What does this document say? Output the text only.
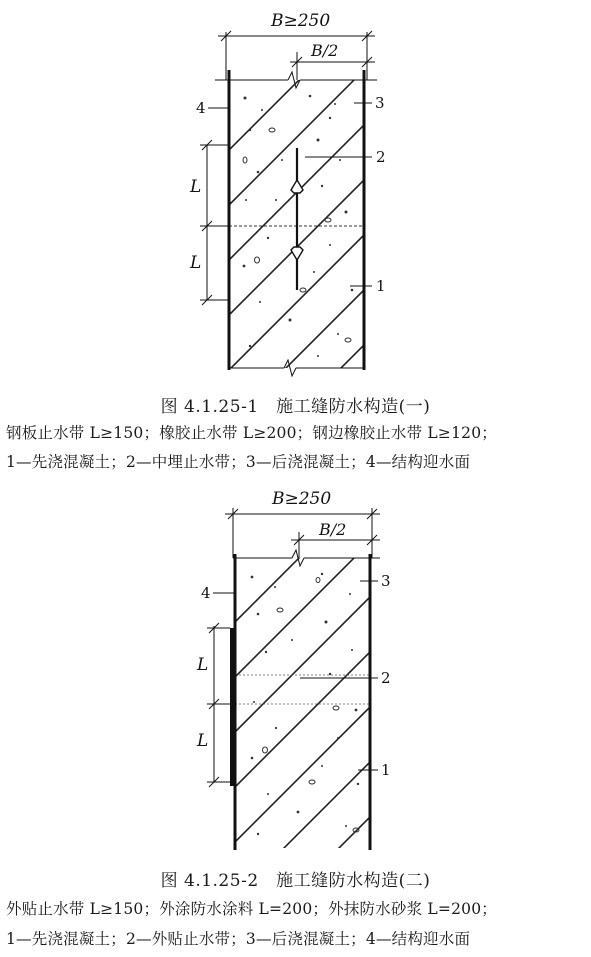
B≥250
B/2
L
L
4	3
2
1
图 4.1.25-1　施工缝防水构造(一)
钢板止水带 L≥150；橡胶止水带 L≥200；钢边橡胶止水带 L≥120；
1—先浇混凝土；2—中埋止水带；3—后浇混凝土；4—结构迎水面
B≥250
B/2
L
L
4
3
2
1
图 4.1.25-2　施工缝防水构造(二)
外贴止水带 L≥150；外涂防水涂料 L=200；外抹防水砂浆 L=200；
1—先浇混凝土；2—外贴止水带；3—后浇混凝土；4—结构迎水面
